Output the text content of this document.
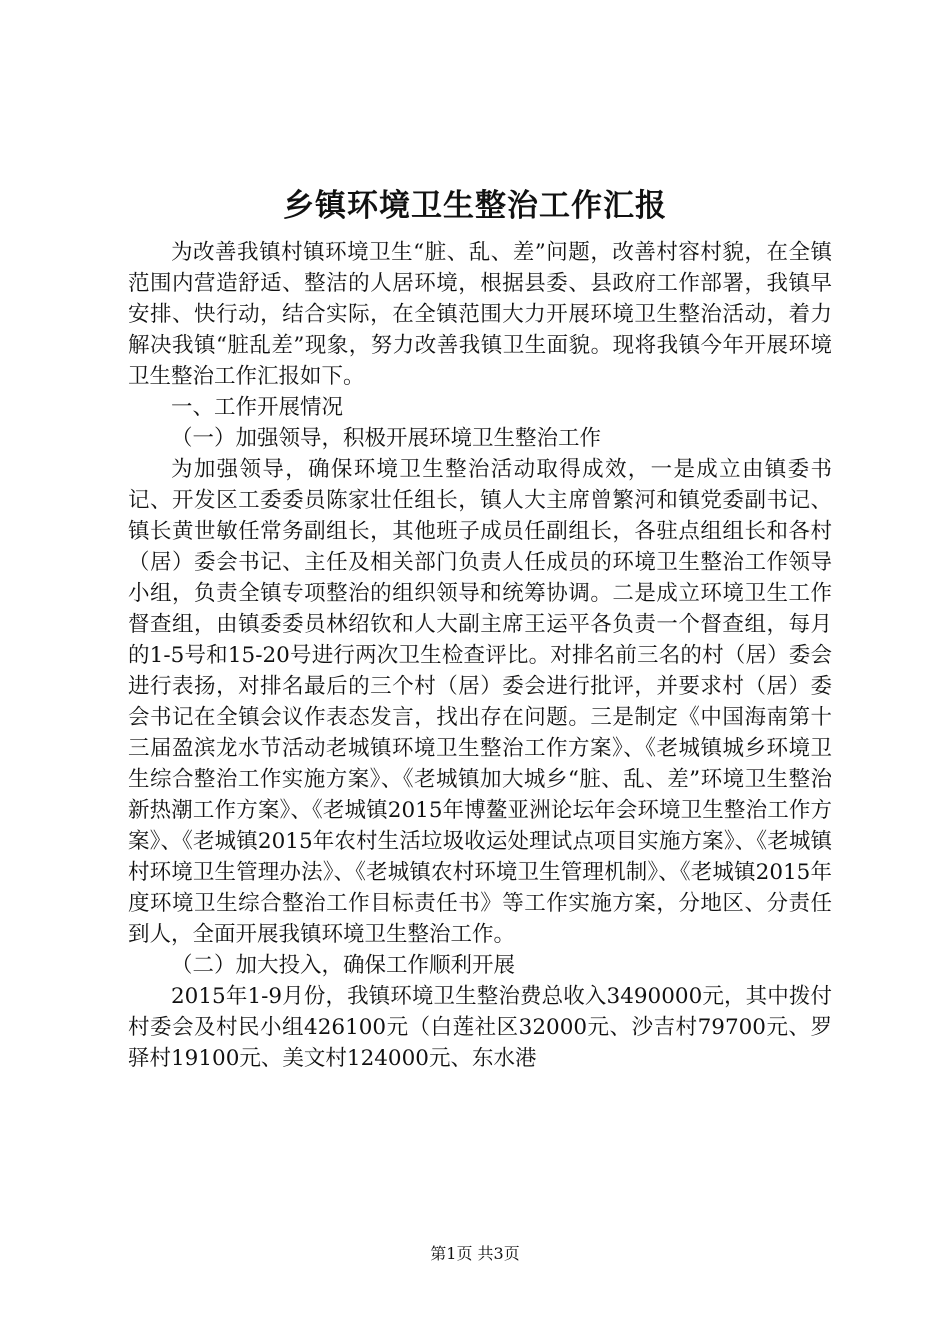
乡镇环境卫生整治工作汇报

为改善我镇村镇环境卫生“脏、乱、差”问题，改善村容村貌，在全镇范围内营造舒适、整洁的人居环境，根据县委、县政府工作部署，我镇早安排、快行动，结合实际，在全镇范围大力开展环境卫生整治活动，着力解决我镇“脏乱差”现象，努力改善我镇卫生面貌。现将我镇今年开展环境卫生整治工作汇报如下。

一、工作开展情况

（一）加强领导，积极开展环境卫生整治工作

为加强领导，确保环境卫生整治活动取得成效，一是成立由镇委书记、开发区工委委员陈家壮任组长，镇人大主席曾繁河和镇党委副书记、镇长黄世敏任常务副组长，其他班子成员任副组长，各驻点组组长和各村（居）委会书记、主任及相关部门负责人任成员的环境卫生整治工作领导小组，负责全镇专项整治的组织领导和统筹协调。二是成立环境卫生工作督查组，由镇委委员林绍钦和人大副主席王运平各负责一个督查组，每月的1-5号和15-20号进行两次卫生检查评比。对排名前三名的村（居）委会进行表扬，对排名最后的三个村（居）委会进行批评，并要求村（居）委会书记在全镇会议作表态发言，找出存在问题。三是制定《中国海南第十三届盈滨龙水节活动老城镇环境卫生整治工作方案》、《老城镇城乡环境卫生综合整治工作实施方案》、《老城镇加大城乡“脏、乱、差”环境卫生整治新热潮工作方案》、《老城镇2015年博鳌亚洲论坛年会环境卫生整治工作方案》、《老城镇2015年农村生活垃圾收运处理试点项目实施方案》、《老城镇村环境卫生管理办法》、《老城镇农村环境卫生管理机制》、《老城镇2015年度环境卫生综合整治工作目标责任书》等工作实施方案，分地区、分责任到人，全面开展我镇环境卫生整治工作。

（二）加大投入，确保工作顺利开展

2015年1-9月份，我镇环境卫生整治费总收入3490000元，其中拨付村委会及村民小组426100元（白莲社区32000元、沙吉村79700元、罗驿村19100元、美文村124000元、东水港

第1页 共3页
